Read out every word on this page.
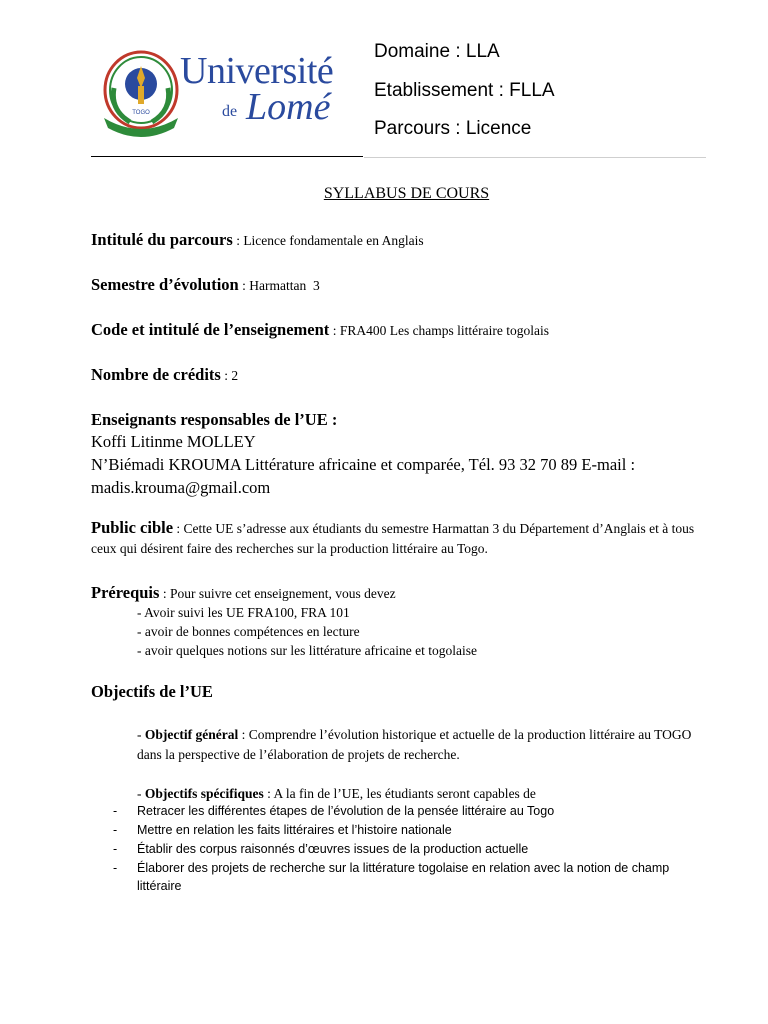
TOGO
Université
de Lomé
Domaine : LLA
Etablissement : FLLA
Parcours : Licence
SYLLABUS DE COURS
Intitulé du parcours : Licence fondamentale en Anglais
Semestre d’évolution : Harmattan  3
Code et intitulé de l’enseignement : FRA400 Les champs littéraire togolais
Nombre de crédits : 2
Enseignants responsables de l’UE :
Koffi Litinme MOLLEY
N’Biémadi KROUMA Littérature africaine et comparée, Tél. 93 32 70 89 E-mail :
madis.krouma@gmail.com
Public cible : Cette UE s’adresse aux étudiants du semestre Harmattan 3 du Département d’Anglais et à tous ceux qui désirent faire des recherches sur la production littéraire au Togo.
Prérequis : Pour suivre cet enseignement, vous devez
- Avoir suivi les UE FRA100, FRA 101
- avoir de bonnes compétences en lecture
- avoir quelques notions sur les littérature africaine et togolaise
Objectifs de l’UE
- Objectif général : Comprendre l’évolution historique et actuelle de la production littéraire au TOGO dans la perspective de l’élaboration de projets de recherche.
- Objectifs spécifiques : A la fin de l’UE, les étudiants seront capables de
- Retracer les différentes étapes de l’évolution de la pensée littéraire au Togo
- Mettre en relation les faits littéraires et l’histoire nationale
- Établir des corpus raisonnés d’œuvres issues de la production actuelle
- Élaborer des projets de recherche sur la littérature togolaise en relation avec la notion de champ
littéraire
